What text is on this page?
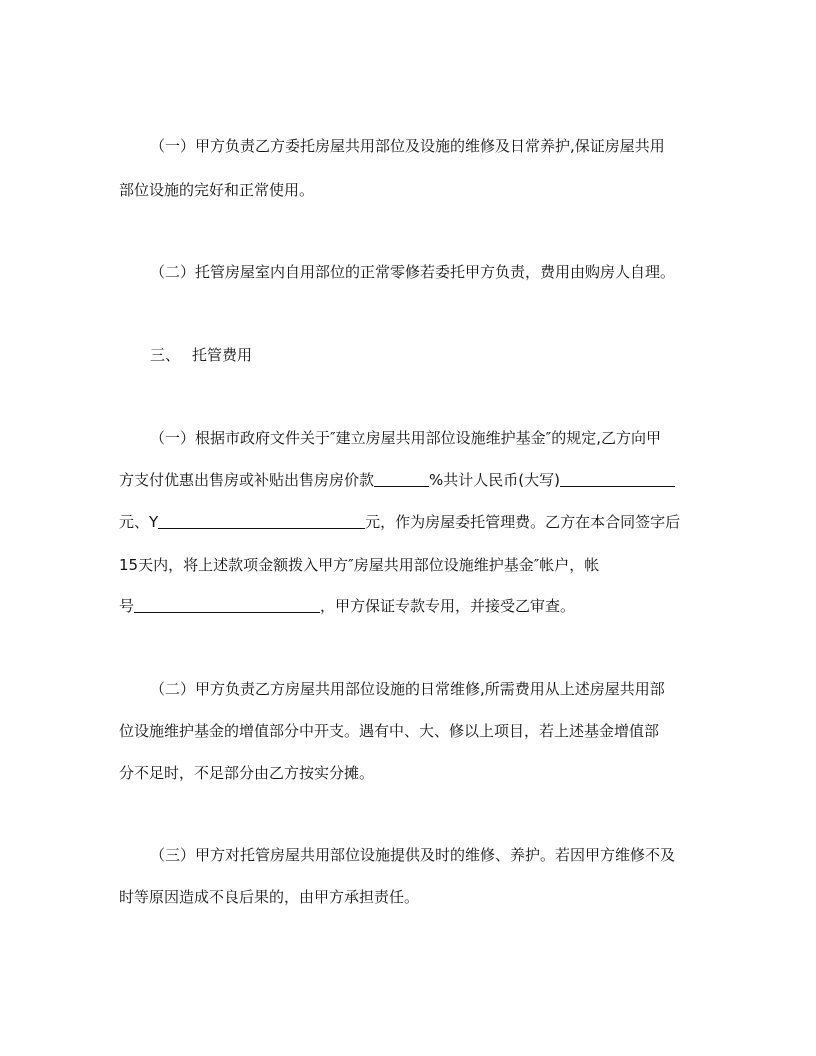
（一）甲方负责乙方委托房屋共用部位及设施的维修及日常养护,保证房屋共用
部位设施的完好和正常使用。
（二）托管房屋室内自用部位的正常零修若委托甲方负责，费用由购房人自理。
三、 托管费用
（一）根据市政府文件关于″建立房屋共用部位设施维护基金″的规定,乙方向甲
方支付优惠出售房或补贴出售房房价款	%共计人民币(大写)
元、Y	元，作为房屋委托管理费。乙方在本合同签字后
15天内，将上述款项金额拨入甲方″房屋共用部位设施维护基金″帐户，帐
号	，甲方保证专款专用，并接受乙审查。
（二）甲方负责乙方房屋共用部位设施的日常维修,所需费用从上述房屋共用部
位设施维护基金的增值部分中开支。遇有中、大、修以上项目，若上述基金增值部
分不足时，不足部分由乙方按实分摊。
（三）甲方对托管房屋共用部位设施提供及时的维修、养护。若因甲方维修不及
时等原因造成不良后果的，由甲方承担责任。
